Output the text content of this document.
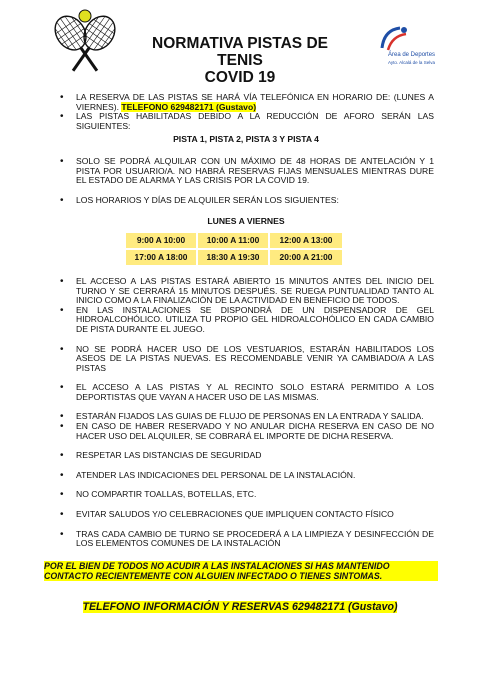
NORMATIVA PISTAS DE TENIS
COVID 19
Área de Deportes
Ayto. Alcalá de la Selva
• LA RESERVA DE LAS PISTAS SE HARÁ VÍA TELEFÓNICA EN HORARIO DE: (LUNES A VIERNES). TELEFONO 629482171 (Gustavo)
• LAS PISTAS HABILITADAS DEBIDO A LA REDUCCIÓN DE AFORO SERÁN LAS SIGUIENTES:
PISTA 1, PISTA 2, PISTA 3 Y PISTA 4
• SOLO SE PODRÁ ALQUILAR CON UN MÁXIMO DE 48 HORAS DE ANTELACIÓN Y 1 PISTA POR USUARIO/A. NO HABRÁ RESERVAS FIJAS MENSUALES MIENTRAS DURE EL ESTADO DE ALARMA Y LAS CRISIS POR LA COVID 19.
• LOS HORARIOS Y DÍAS DE ALQUILER SERÁN LOS SIGUIENTES:
LUNES A VIERNES
9:00 A 10:00	10:00 A 11:00	12:00 A 13:00
17:00 A 18:00	18:30 A 19:30	20:00 A 21:00
• EL ACCESO A LAS PISTAS ESTARÁ ABIERTO 15 MINUTOS ANTES DEL INICIO DEL TURNO Y SE CERRARÁ 15 MINUTOS DESPUÉS. SE RUEGA PUNTUALIDAD TANTO AL INICIO COMO A LA FINALIZACIÓN DE LA ACTIVIDAD EN BENEFICIO DE TODOS.
• EN LAS INSTALACIONES SE DISPONDRÁ DE UN DISPENSADOR DE GEL HIDROALCOHÓLICO. UTILIZA TU PROPIO GEL HIDROALCOHÓLICO EN CADA CAMBIO DE PISTA DURANTE EL JUEGO.
• NO SE PODRÁ HACER USO DE LOS VESTUARIOS, ESTARÁN HABILITADOS LOS ASEOS DE LA PISTAS NUEVAS. ES RECOMENDABLE VENIR YA CAMBIADO/A A LAS PISTAS
• EL ACCESO A LAS PISTAS Y AL RECINTO SOLO ESTARÁ PERMITIDO A LOS DEPORTISTAS QUE VAYAN A HACER USO DE LAS MISMAS.
• ESTARÁN FIJADOS LAS GUIAS DE FLUJO DE PERSONAS EN LA ENTRADA Y SALIDA.
• EN CASO DE HABER RESERVADO Y NO ANULAR DICHA RESERVA EN CASO DE NO HACER USO DEL ALQUILER, SE COBRARÁ EL IMPORTE DE DICHA RESERVA.
• RESPETAR LAS DISTANCIAS DE SEGURIDAD
• ATENDER LAS INDICACIONES DEL PERSONAL DE LA INSTALACIÓN.
• NO COMPARTIR TOALLAS, BOTELLAS, ETC.
• EVITAR SALUDOS Y/O CELEBRACIONES QUE IMPLIQUEN CONTACTO FÍSICO
• TRAS CADA CAMBIO DE TURNO SE PROCEDERÁ A LA LIMPIEZA Y DESINFECCIÓN DE LOS ELEMENTOS COMUNES DE LA INSTALACIÓN
POR EL BIEN DE TODOS NO ACUDIR A LAS INSTALACIONES SI HAS MANTENIDO CONTACTO RECIENTEMENTE CON ALGUIEN INFECTADO O TIENES SINTOMAS.
TELEFONO INFORMACIÓN Y RESERVAS 629482171 (Gustavo)
